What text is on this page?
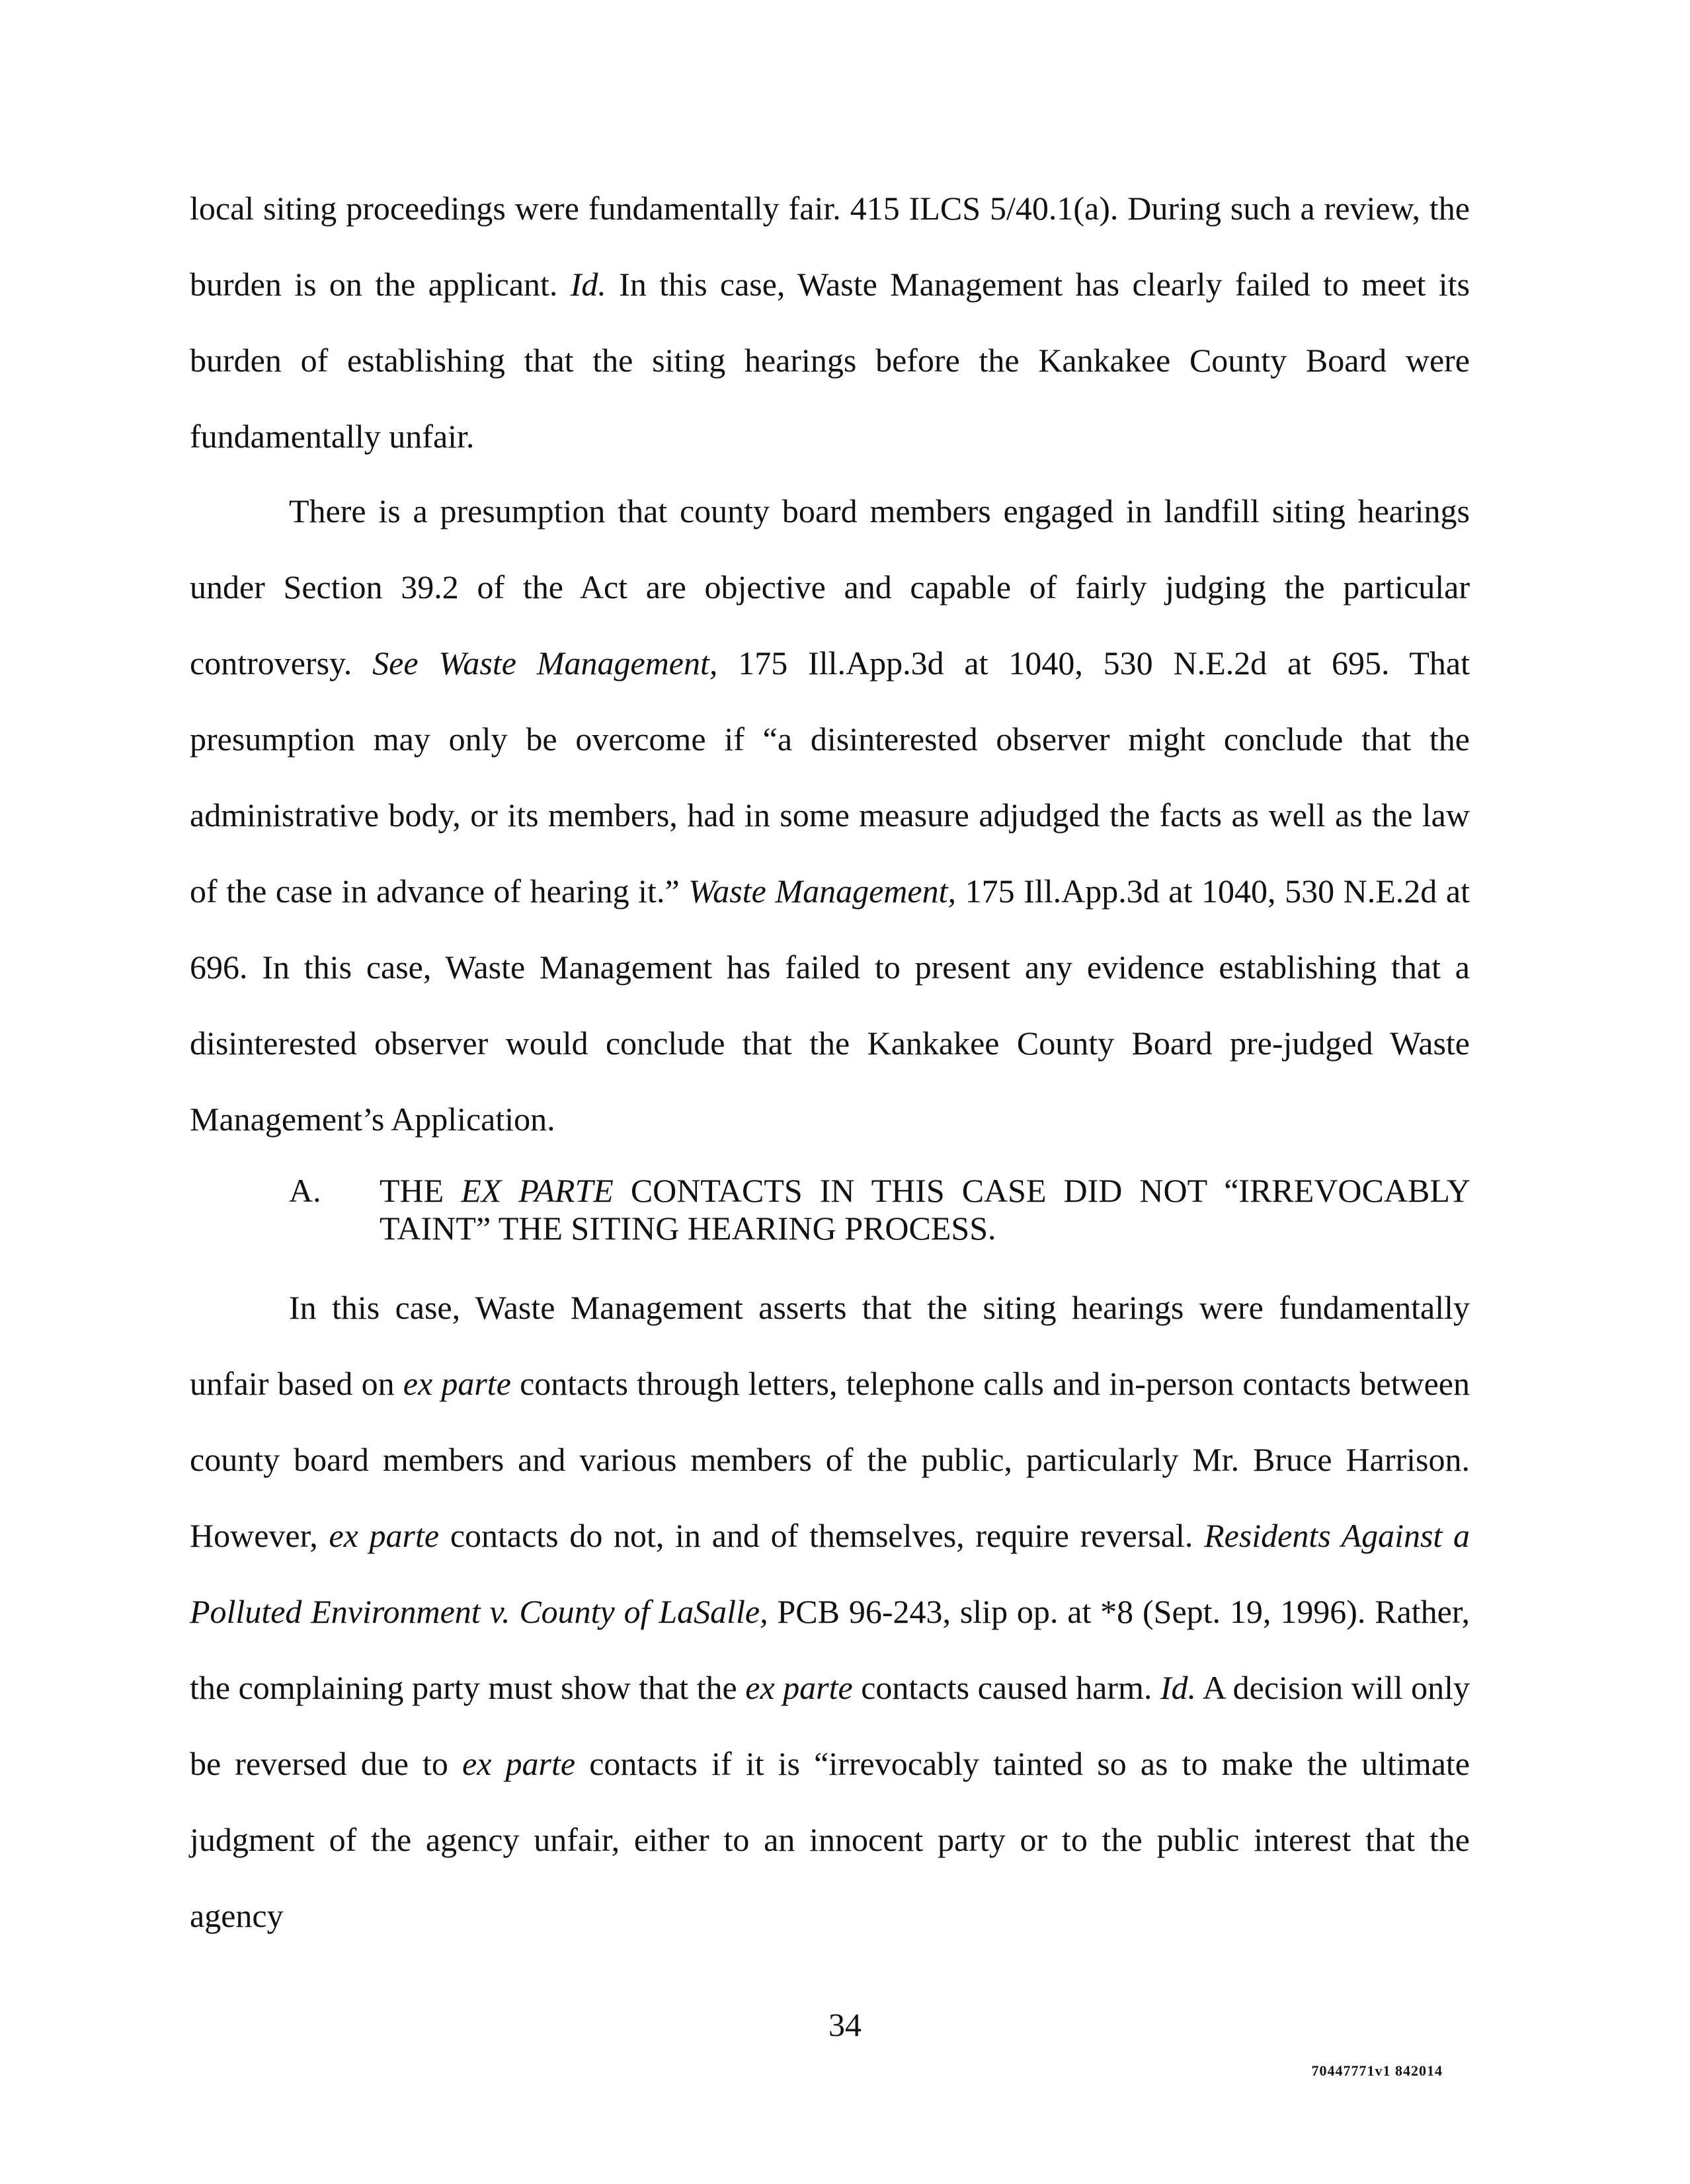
local siting proceedings were fundamentally fair. 415 ILCS 5/40.1(a). During such a review, the burden is on the applicant. Id. In this case, Waste Management has clearly failed to meet its burden of establishing that the siting hearings before the Kankakee County Board were fundamentally unfair.

There is a presumption that county board members engaged in landfill siting hearings under Section 39.2 of the Act are objective and capable of fairly judging the particular controversy. See Waste Management, 175 Ill.App.3d at 1040, 530 N.E.2d at 695. That presumption may only be overcome if “a disinterested observer might conclude that the administrative body, or its members, had in some measure adjudged the facts as well as the law of the case in advance of hearing it.” Waste Management, 175 Ill.App.3d at 1040, 530 N.E.2d at 696. In this case, Waste Management has failed to present any evidence establishing that a disinterested observer would conclude that the Kankakee County Board pre-judged Waste Management’s Application.

A. THE EX PARTE CONTACTS IN THIS CASE DID NOT “IRREVOCABLY TAINT” THE SITING HEARING PROCESS.

In this case, Waste Management asserts that the siting hearings were fundamentally unfair based on ex parte contacts through letters, telephone calls and in-person contacts between county board members and various members of the public, particularly Mr. Bruce Harrison. However, ex parte contacts do not, in and of themselves, require reversal. Residents Against a Polluted Environment v. County of LaSalle, PCB 96-243, slip op. at *8 (Sept. 19, 1996). Rather, the complaining party must show that the ex parte contacts caused harm. Id. A decision will only be reversed due to ex parte contacts if it is “irrevocably tainted so as to make the ultimate judgment of the agency unfair, either to an innocent party or to the public interest that the agency

34
70447771v1 842014
